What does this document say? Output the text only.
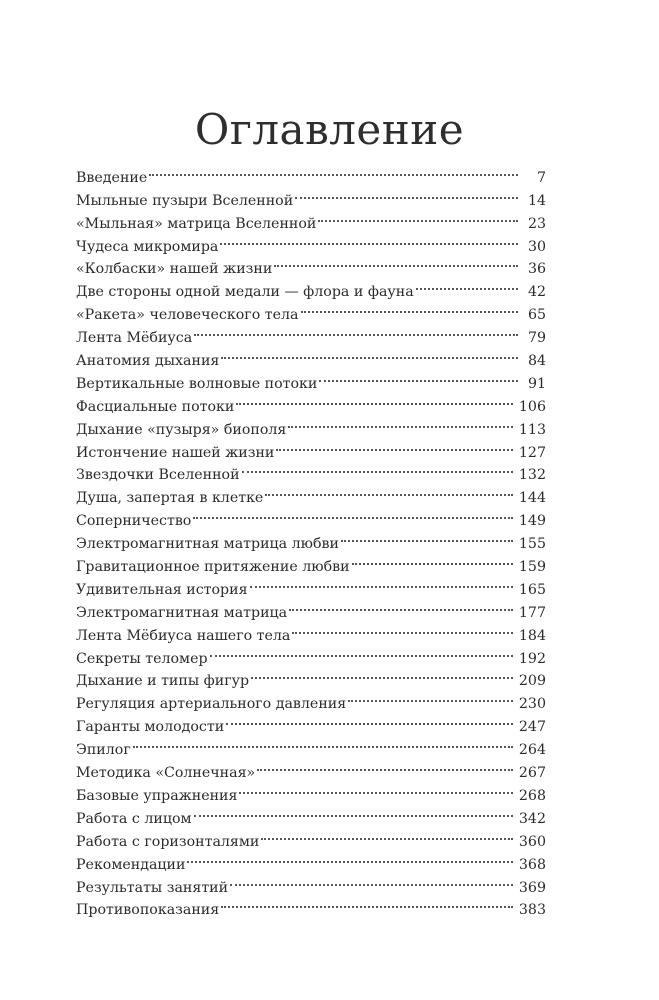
Оглавление
Введение	7
Мыльные пузыри Вселенной	14
«Мыльная» матрица Вселенной	23
Чудеса микромира	30
«Колбаски» нашей жизни	36
Две стороны одной медали — флора и фауна	42
«Ракета» человеческого тела	65
Лента Мёбиуса	79
Анатомия дыхания	84
Вертикальные волновые потоки	91
Фасциальные потоки	106
Дыхание «пузыря» биополя	113
Истончение нашей жизни	127
Звездочки Вселенной	132
Душа, запертая в клетке	144
Соперничество	149
Электромагнитная матрица любви	155
Гравитационное притяжение любви	159
Удивительная история	165
Электромагнитная матрица	177
Лента Мёбиуса нашего тела	184
Секреты теломер	192
Дыхание и типы фигур	209
Регуляция артериального давления	230
Гаранты молодости	247
Эпилог	264
Методика «Солнечная»	267
Базовые упражнения	268
Работа с лицом	342
Работа с горизонталями	360
Рекомендации	368
Результаты занятий	369
Противопоказания	383
